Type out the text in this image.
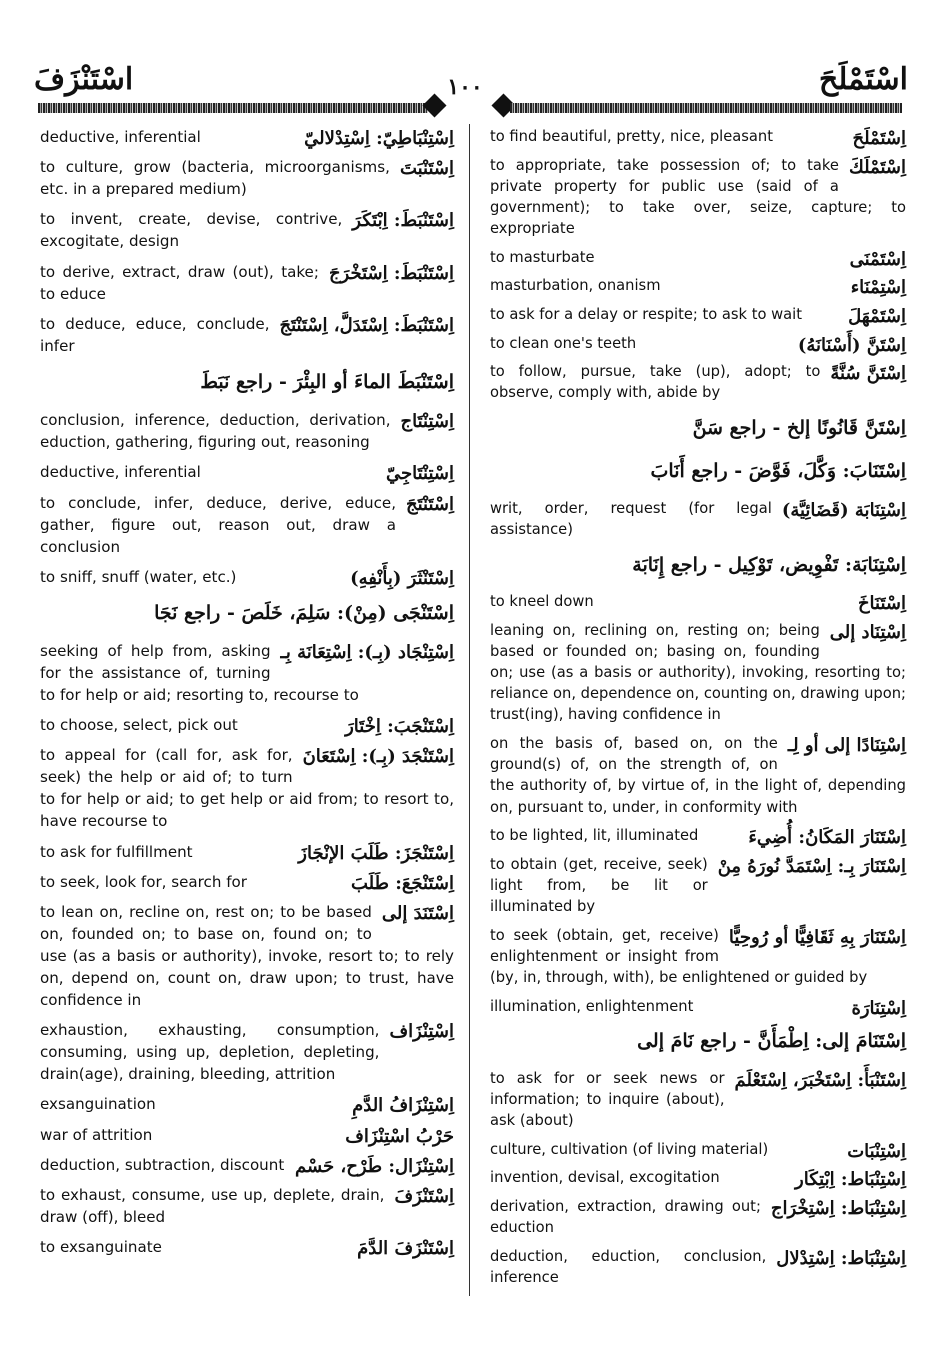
اسْتَنْزَفَ	١٠٠	اسْتَمْلَحَ
اِسْتِنْبَاطِيّ: اِسْتِدْلاليّ
deductive, inferential
اِسْتَنْبَتَ
to culture, grow (bacteria, microorganisms, etc. in a prepared medium)
اِسْتَنْبَطَ: اِبْتَكَرَ
to invent, create, devise, contrive, excogitate, design
اِسْتَنْبَطَ: اِسْتَخْرَجَ
to derive, extract, draw (out), take; to educe
اِسْتَنْبَطَ: اِسْتَدَلَّ، اِسْتَنْتَجَ
to deduce, educe, conclude, infer
اِسْتَنْبَطَ الماءَ أو البِئْرَ - راجع نَبَطَ
اِسْتِنْتَاج
conclusion, inference, deduction, derivation, eduction, gathering, figuring out, reasoning
اِسْتِنْتَاجِيّ
deductive, inferential
اِسْتَنْتَجَ
to conclude, infer, deduce, derive, educe, gather, figure out, reason out, draw a conclusion
اِسْتَنْثَرَ (بِأَنْفِهِ)
to sniff, snuff (water, etc.)
اِسْتَنْجَى (مِنْ): سَلِمَ، خَلَصَ - راجع نَجَا
اِسْتِنْجَاد (بِـ): اِسْتِعَانَة بِـ
seeking of help from, asking for the assistance of, turning to for help or aid; resorting to, recourse to
اِسْتَنْجَبَ: اِخْتَارَ
to choose, select, pick out
اِسْتَنْجَدَ (بِـ): اِسْتَعَانَ
to appeal for (call for, ask for, seek) the help or aid of; to turn to for help or aid; to get help or aid from; to resort to, have recourse to
اِسْتَنْجَزَ: طَلَبَ الإنْجَازَ
to ask for fulfillment
اِسْتَنْجَعَ: طَلَبَ
to seek, look for, search for
اِسْتَنَدَ إلى
to lean on, recline on, rest on; to be based on, founded on; to base on, found on; to use (as a basis or authority), invoke, resort to; to rely on, depend on, count on, draw upon; to trust, have confidence in
اِسْتِنْزَاف
exhaustion, exhausting, consumption, consuming, using up, depletion, depleting, drain(age), draining, bleeding, attrition
اِسْتِنْزَافُ الدَّمِ
exsanguination
حَرْبُ اسْتِنْزَاف
war of attrition
اِسْتِنْزَال: طَرْح، حَسْم
deduction, subtraction, discount
اِسْتَنْزَفَ
to exhaust, consume, use up, deplete, drain, draw (off), bleed
اِسْتَنْزَفَ الدَّمَ
to exsanguinate
اِسْتَمْلَحَ
to find beautiful, pretty, nice, pleasant
اِسْتَمْلَكَ
to appropriate, take possession of; to take private property for public use (said of a government); to take over, seize, capture; to expropriate
اِسْتَمْنَى
to masturbate
اِسْتِمْنَاء
masturbation, onanism
اِسْتَمْهَلَ
to ask for a delay or respite; to ask to wait
اِسْتَنَّ (أَسْنَانَهُ)
to clean one's teeth
اِسْتَنَّ سُنَّةً
to follow, pursue, take (up), adopt; to observe, comply with, abide by
اِسْتَنَّ قَانُونًا إلخ - راجع سَنَّ
اِسْتَنَابَ: وَكَّلَ، فَوَّضَ - راجع أَنَابَ
اِسْتِنَابَة (قَضَائِيَّة)
writ, order, request (for legal assistance)
اِسْتِنَابَة: تَفْوِيض، تَوْكِيل - راجع إِنَابَة
اِسْتَنَاخَ
to kneel down
اِسْتِنَاد إلى
leaning on, reclining on, resting on; being based or founded on; basing on, founding on; use (as a basis or authority), invoking, resorting to; reliance on, dependence on, counting on, drawing upon; trust(ing), having confidence in
اِسْتِنَادًا إلى أو لِـ
on the basis of, based on, on the ground(s) of, on the strength of, on the authority of, by virtue of, in the light of, depending on, pursuant to, under, in conformity with
اِسْتَنَارَ المَكَانُ: أُضِيءَ
to be lighted, lit, illuminated
اِسْتَنَارَ بِـ: اِسْتَمَدَّ نُورَهُ مِنْ
to obtain (get, receive, seek) light from, be lit or illuminated by
اِسْتَنَارَ بِهِ ثَقَافِيًّا أو رُوحِيًّا
to seek (obtain, get, receive) enlightenment or insight from (by, in, through, with), be enlightened or guided by
اِسْتِنَارَة
illumination, enlightenment
اِسْتَنَامَ إلى: اِطْمَأَنَّ - راجع نَامَ إلى
اِسْتَنْبَأَ: اِسْتَخْبَرَ، اِسْتَعْلَمَ
to ask for or seek news or information; to inquire (about), ask (about)
اِسْتِنْبَات
culture, cultivation (of living material)
اِسْتِنْبَاط: اِبْتِكَار
invention, devisal, excogitation
اِسْتِنْبَاط: اِسْتِخْرَاج
derivation, extraction, drawing out; eduction
اِسْتِنْبَاط: اِسْتِدْلال
deduction, eduction, conclusion, inference
